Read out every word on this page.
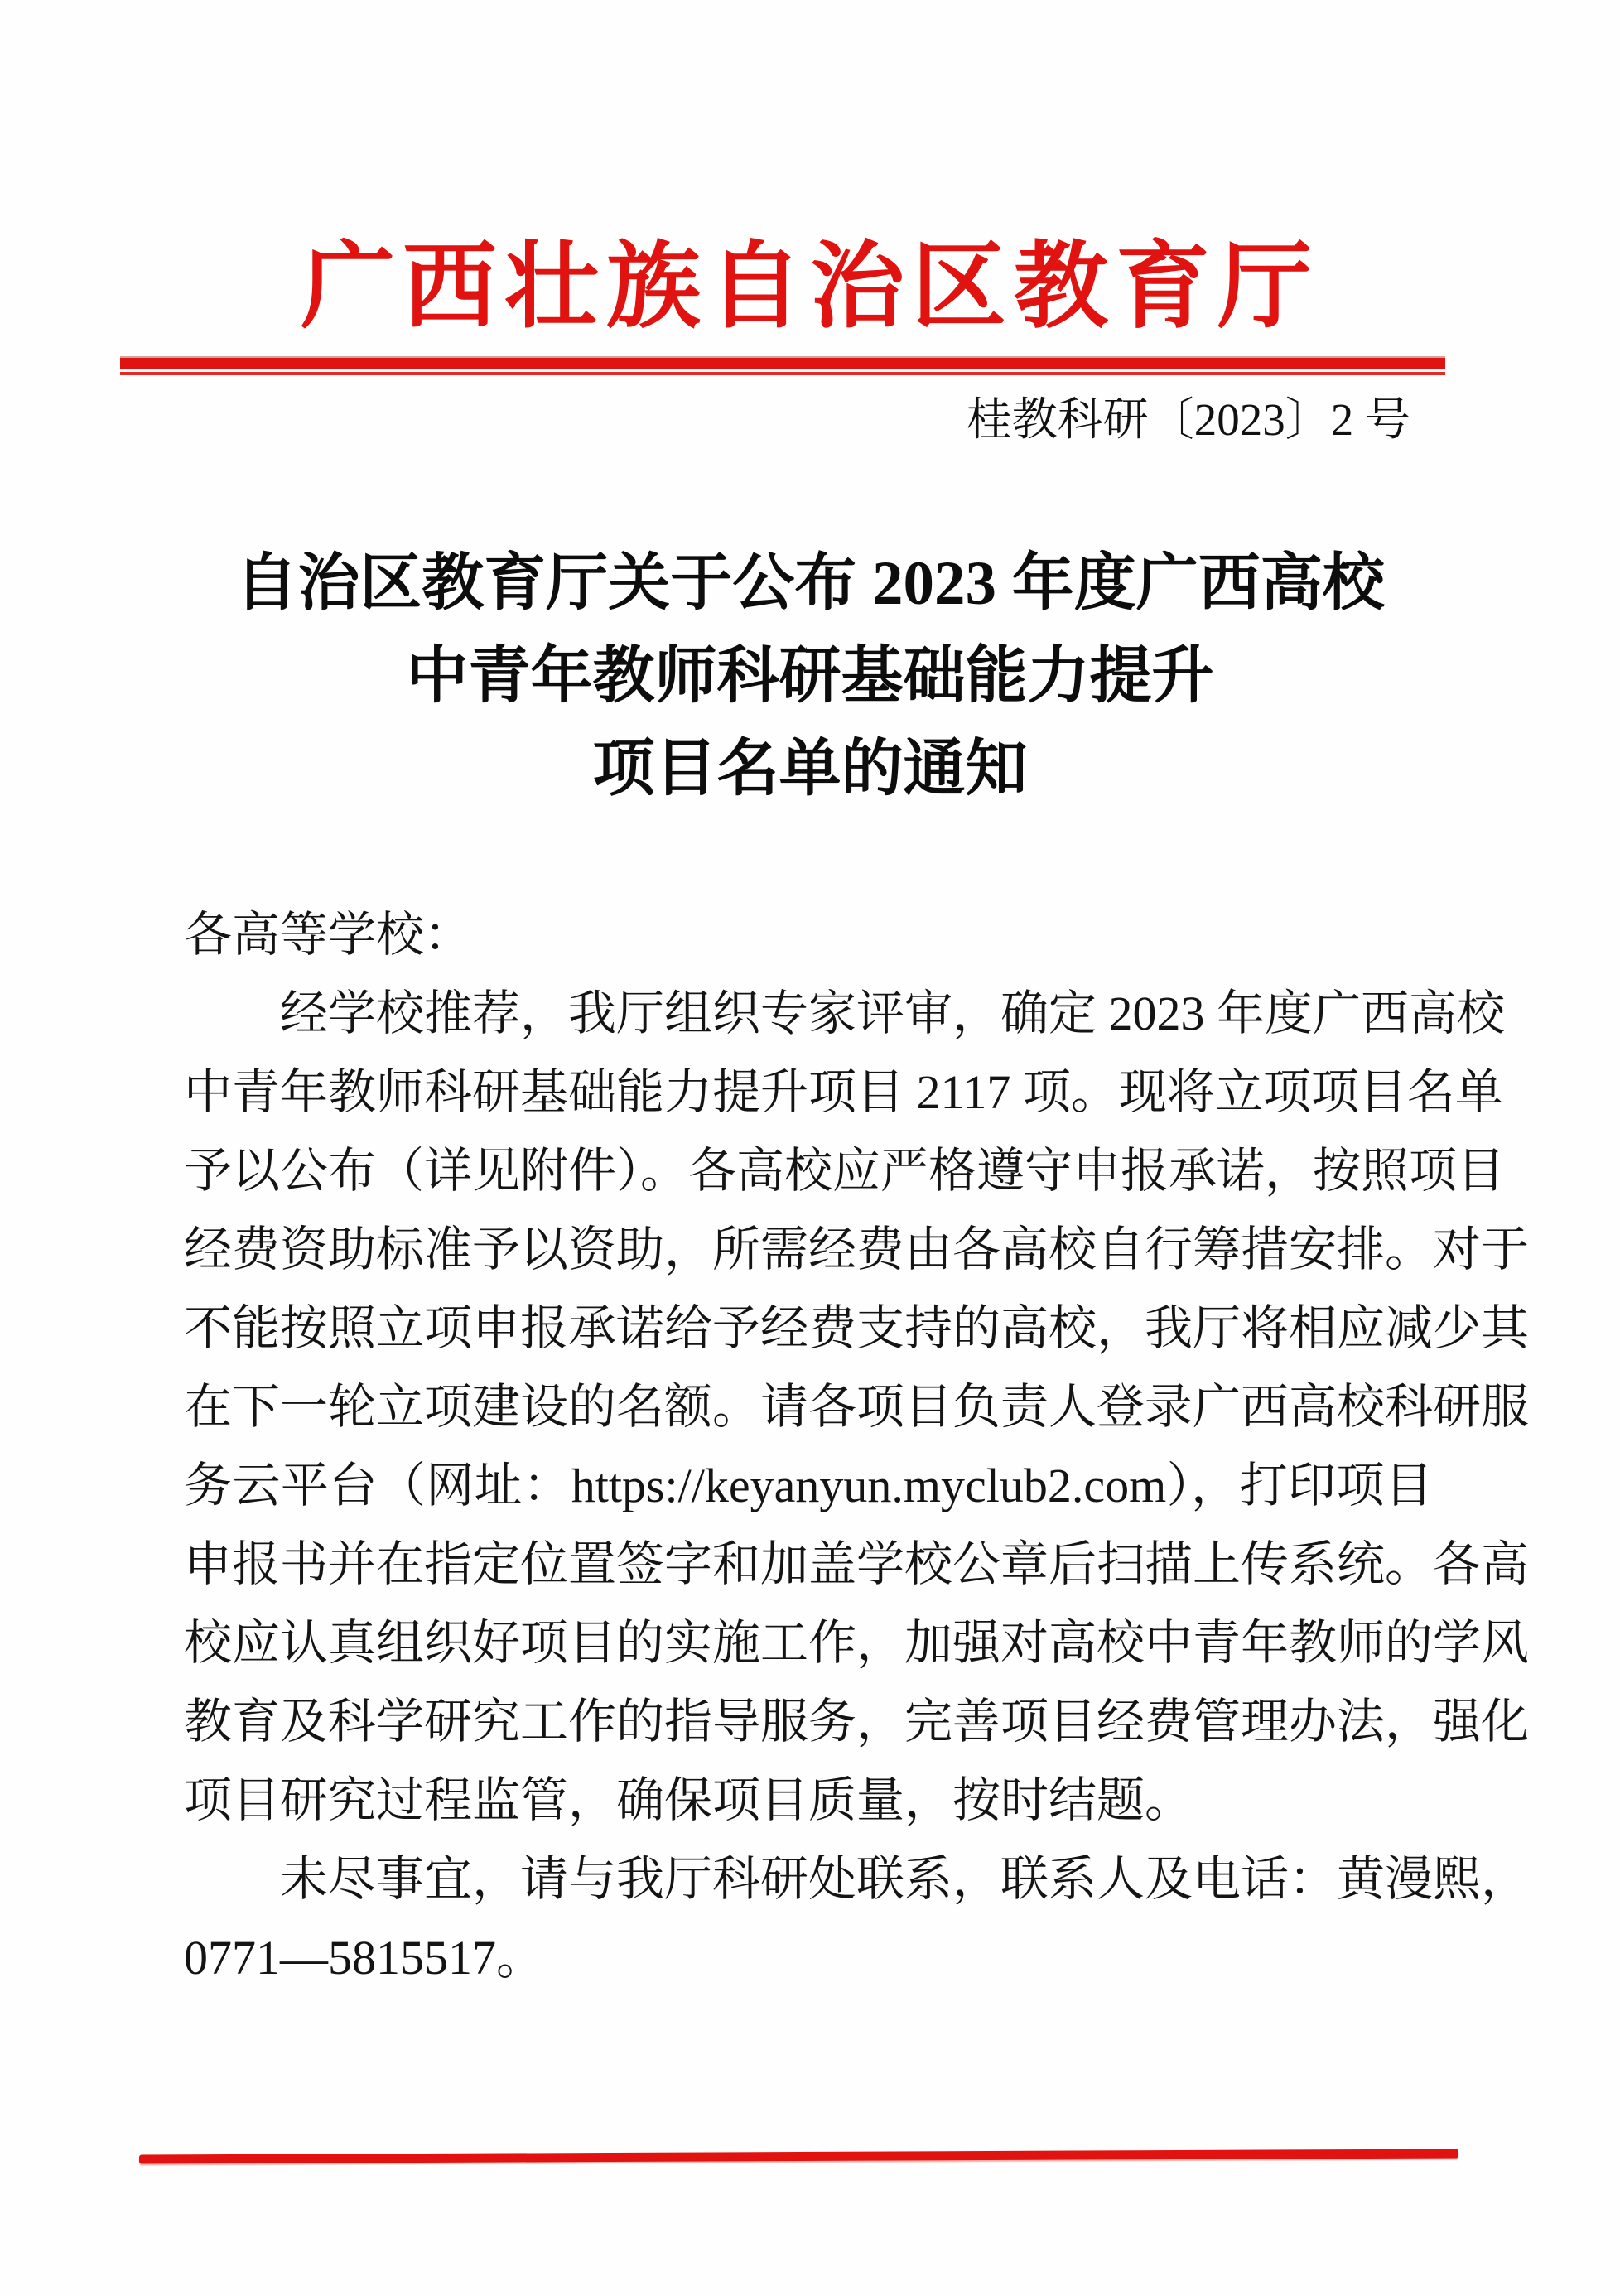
广西壮族自治区教育厅
桂教科研〔2023〕2 号
自治区教育厅关于公布 2023 年度广西高校
中青年教师科研基础能力提升
项目名单的通知

各高等学校：

经学校推荐，我厅组织专家评审，确定 2023 年度广西高校

中青年教师科研基础能力提升项目 2117 项。现将立项项目名单

予以公布（详见附件）。各高校应严格遵守申报承诺，按照项目

经费资助标准予以资助，所需经费由各高校自行筹措安排。对于

不能按照立项申报承诺给予经费支持的高校，我厅将相应减少其

在下一轮立项建设的名额。请各项目负责人登录广西高校科研服

务云平台（网址：https://keyanyun.myclub2.com），打印项目

申报书并在指定位置签字和加盖学校公章后扫描上传系统。各高

校应认真组织好项目的实施工作，加强对高校中青年教师的学风

教育及科学研究工作的指导服务，完善项目经费管理办法，强化

项目研究过程监管，确保项目质量，按时结题。

未尽事宜，请与我厅科研处联系，联系人及电话：黄漫熙，

0771—5815517。
